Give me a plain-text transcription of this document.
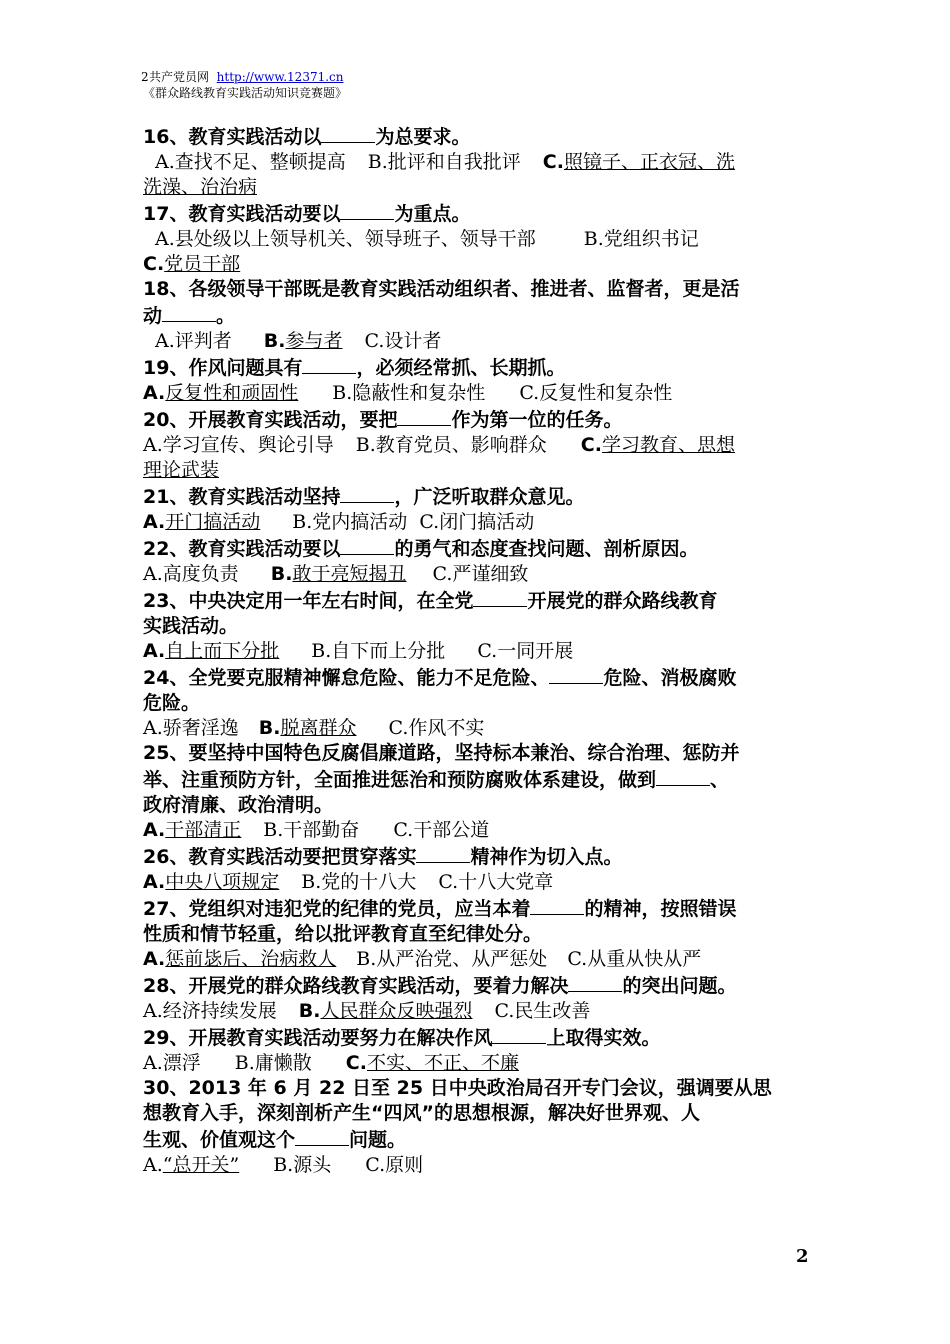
2 共产党员网 http://www.12371.cn
《群众路线教育实践活动知识竞赛题》
16、教育实践活动以	为总要求。
A.查找不足、整顿提高 B.批评和自我批评 C.照镜子、正衣冠、洗
洗澡、治治病
17、教育实践活动要以	为重点。
A.县处级以上领导机关、领导班子、领导干部	B.党组织书记
C.党员干部
18、各级领导干部既是教育实践活动组织者、推进者、监督者，更是活
动	。
A.评判者 B.参与者 C.设计者
19、作风问题具有	，必须经常抓、长期抓。
A.反复性和顽固性 B.隐蔽性和复杂性 C.反复性和复杂性
20、开展教育实践活动，要把	作为第一位的任务。
A.学习宣传、舆论引导 B.教育党员、影响群众 C.学习教育、思想
理论武装
21、教育实践活动坚持	，广泛听取群众意见。
A.开门搞活动 B.党内搞活动 C.闭门搞活动
22、教育实践活动要以	的勇气和态度查找问题、剖析原因。
A.高度负责 B.敢于亮短揭丑 C.严谨细致
23、中央决定用一年左右时间，在全党	开展党的群众路线教育
实践活动。
A.自上而下分批 B.自下而上分批 C.一同开展
24、全党要克服精神懈怠危险、能力不足危险、	危险、消极腐败
危险。
A.骄奢淫逸 B.脱离群众 C.作风不实
25、要坚持中国特色反腐倡廉道路，坚持标本兼治、综合治理、惩防并
举、注重预防方针，全面推进惩治和预防腐败体系建设，做到	、
政府清廉、政治清明。
A.干部清正 B.干部勤奋 C.干部公道
26、教育实践活动要把贯穿落实	精神作为切入点。
A.中央八项规定 B.党的十八大 C.十八大党章
27、党组织对违犯党的纪律的党员，应当本着	的精神，按照错误
性质和情节轻重，给以批评教育直至纪律处分。
A.惩前毖后、治病救人 B.从严治党、从严惩处 C.从重从快从严
28、开展党的群众路线教育实践活动，要着力解决	的突出问题。
A.经济持续发展 B.人民群众反映强烈 C.民生改善
29、开展教育实践活动要努力在解决作风	上取得实效。
A.漂浮 B.庸懒散 C.不实、不正、不廉
30、2013 年 6 月 22 日至 25 日中央政治局召开专门会议，强调要从思
想教育入手，深刻剖析产生“四风”的思想根源，解决好世界观、人
生观、价值观这个	问题。
A.“总开关” B.源头 C.原则
2
